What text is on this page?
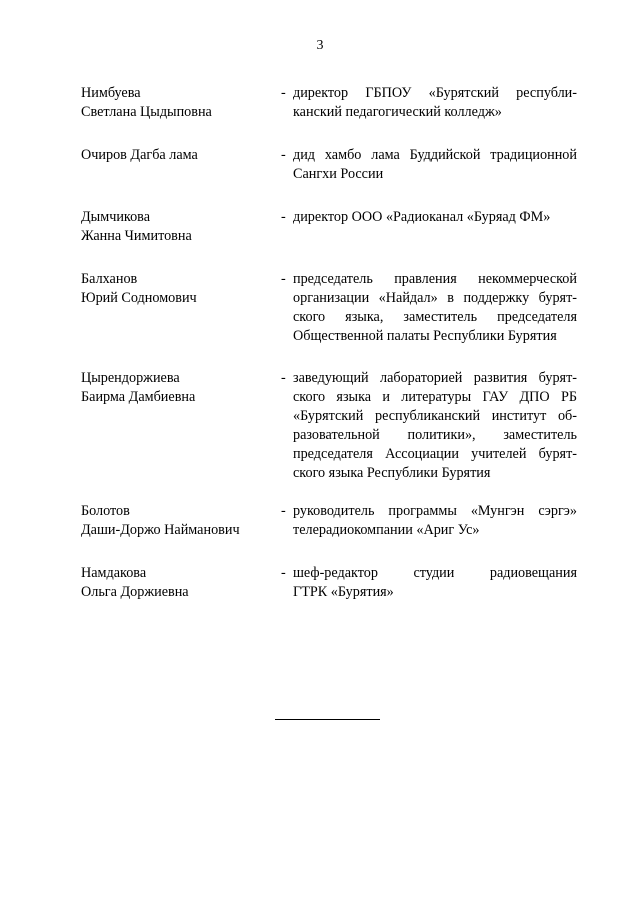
3
Нимбуева
Светлана Цыдыповна
- директор ГБПОУ «Бурятский республи-
канский педагогический колледж»
Очиров Дагба лама	- дид хамбо лама Буддийской традиционной
Сангхи России
Дымчикова
Жанна Чимитовна
- директор ООО «Радиоканал «Буряад ФМ»
Балханов
Юрий Содномович
- председатель правления некоммерческой
организации «Найдал» в поддержку бурят-
ского языка, заместитель председателя
Общественной палаты Республики Бурятия
Цырендоржиева
Баирма Дамбиевна
- заведующий лабораторией развития бурят-
ского языка и литературы ГАУ ДПО РБ
«Бурятский республиканский институт об-
разовательной политики», заместитель
председателя Ассоциации учителей бурят-
ского языка Республики Бурятия
Болотов
Даши-Доржо Найманович
- руководитель программы «Мунгэн сэргэ»
телерадиокомпании «Ариг Ус»
Намдакова
Ольга Доржиевна
- шеф-редактор студии радиовещания
ГТРК «Бурятия»
